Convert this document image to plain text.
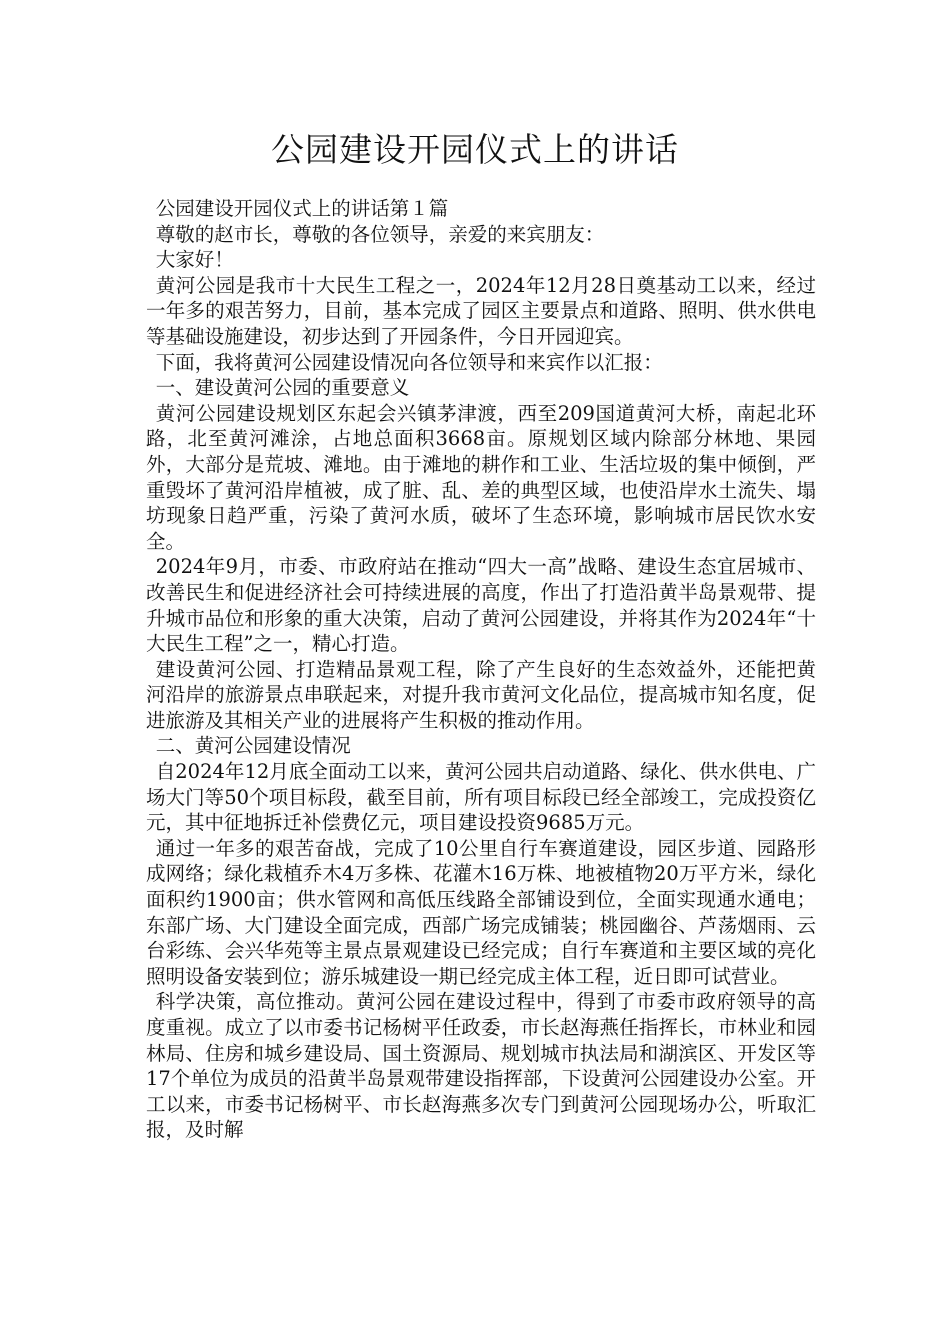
公园建设开园仪式上的讲话

公园建设开园仪式上的讲话第１篇

尊敬的赵市长，尊敬的各位领导，亲爱的来宾朋友：

大家好！

黄河公园是我市十大民生工程之一，2024年12月28日奠基动工以来，经过一年多的艰苦努力，目前，基本完成了园区主要景点和道路、照明、供水供电等基础设施建设，初步达到了开园条件，今日开园迎宾。

下面，我将黄河公园建设情况向各位领导和来宾作以汇报：

一、建设黄河公园的重要意义

黄河公园建设规划区东起会兴镇茅津渡，西至209国道黄河大桥，南起北环路，北至黄河滩涂，占地总面积3668亩。原规划区域内除部分林地、果园外，大部分是荒坡、滩地。由于滩地的耕作和工业、生活垃圾的集中倾倒，严重毁坏了黄河沿岸植被，成了脏、乱、差的典型区域，也使沿岸水土流失、塌坊现象日趋严重，污染了黄河水质，破坏了生态环境，影响城市居民饮水安全。

2024年9月，市委、市政府站在推动“四大一高”战略、建设生态宜居城市、改善民生和促进经济社会可持续进展的高度，作出了打造沿黄半岛景观带、提升城市品位和形象的重大决策，启动了黄河公园建设，并将其作为2024年“十大民生工程”之一，精心打造。

建设黄河公园、打造精品景观工程，除了产生良好的生态效益外，还能把黄河沿岸的旅游景点串联起来，对提升我市黄河文化品位，提高城市知名度，促进旅游及其相关产业的进展将产生积极的推动作用。

二、黄河公园建设情况

自2024年12月底全面动工以来，黄河公园共启动道路、绿化、供水供电、广场大门等50个项目标段，截至目前，所有项目标段已经全部竣工，完成投资亿元，其中征地拆迁补偿费亿元，项目建设投资9685万元。

通过一年多的艰苦奋战，完成了10公里自行车赛道建设，园区步道、园路形成网络；绿化栽植乔木4万多株、花灌木16万株、地被植物20万平方米，绿化面积约1900亩；供水管网和高低压线路全部铺设到位，全面实现通水通电；东部广场、大门建设全面完成，西部广场完成铺装；桃园幽谷、芦荡烟雨、云台彩练、会兴华苑等主景点景观建设已经完成；自行车赛道和主要区域的亮化照明设备安装到位；游乐城建设一期已经完成主体工程，近日即可试营业。

科学决策，高位推动。黄河公园在建设过程中，得到了市委市政府领导的高度重视。成立了以市委书记杨树平任政委，市长赵海燕任指挥长，市林业和园林局、住房和城乡建设局、国土资源局、规划城市执法局和湖滨区、开发区等17个单位为成员的沿黄半岛景观带建设指挥部，下设黄河公园建设办公室。开工以来，市委书记杨树平、市长赵海燕多次专门到黄河公园现场办公，听取汇报，及时解
